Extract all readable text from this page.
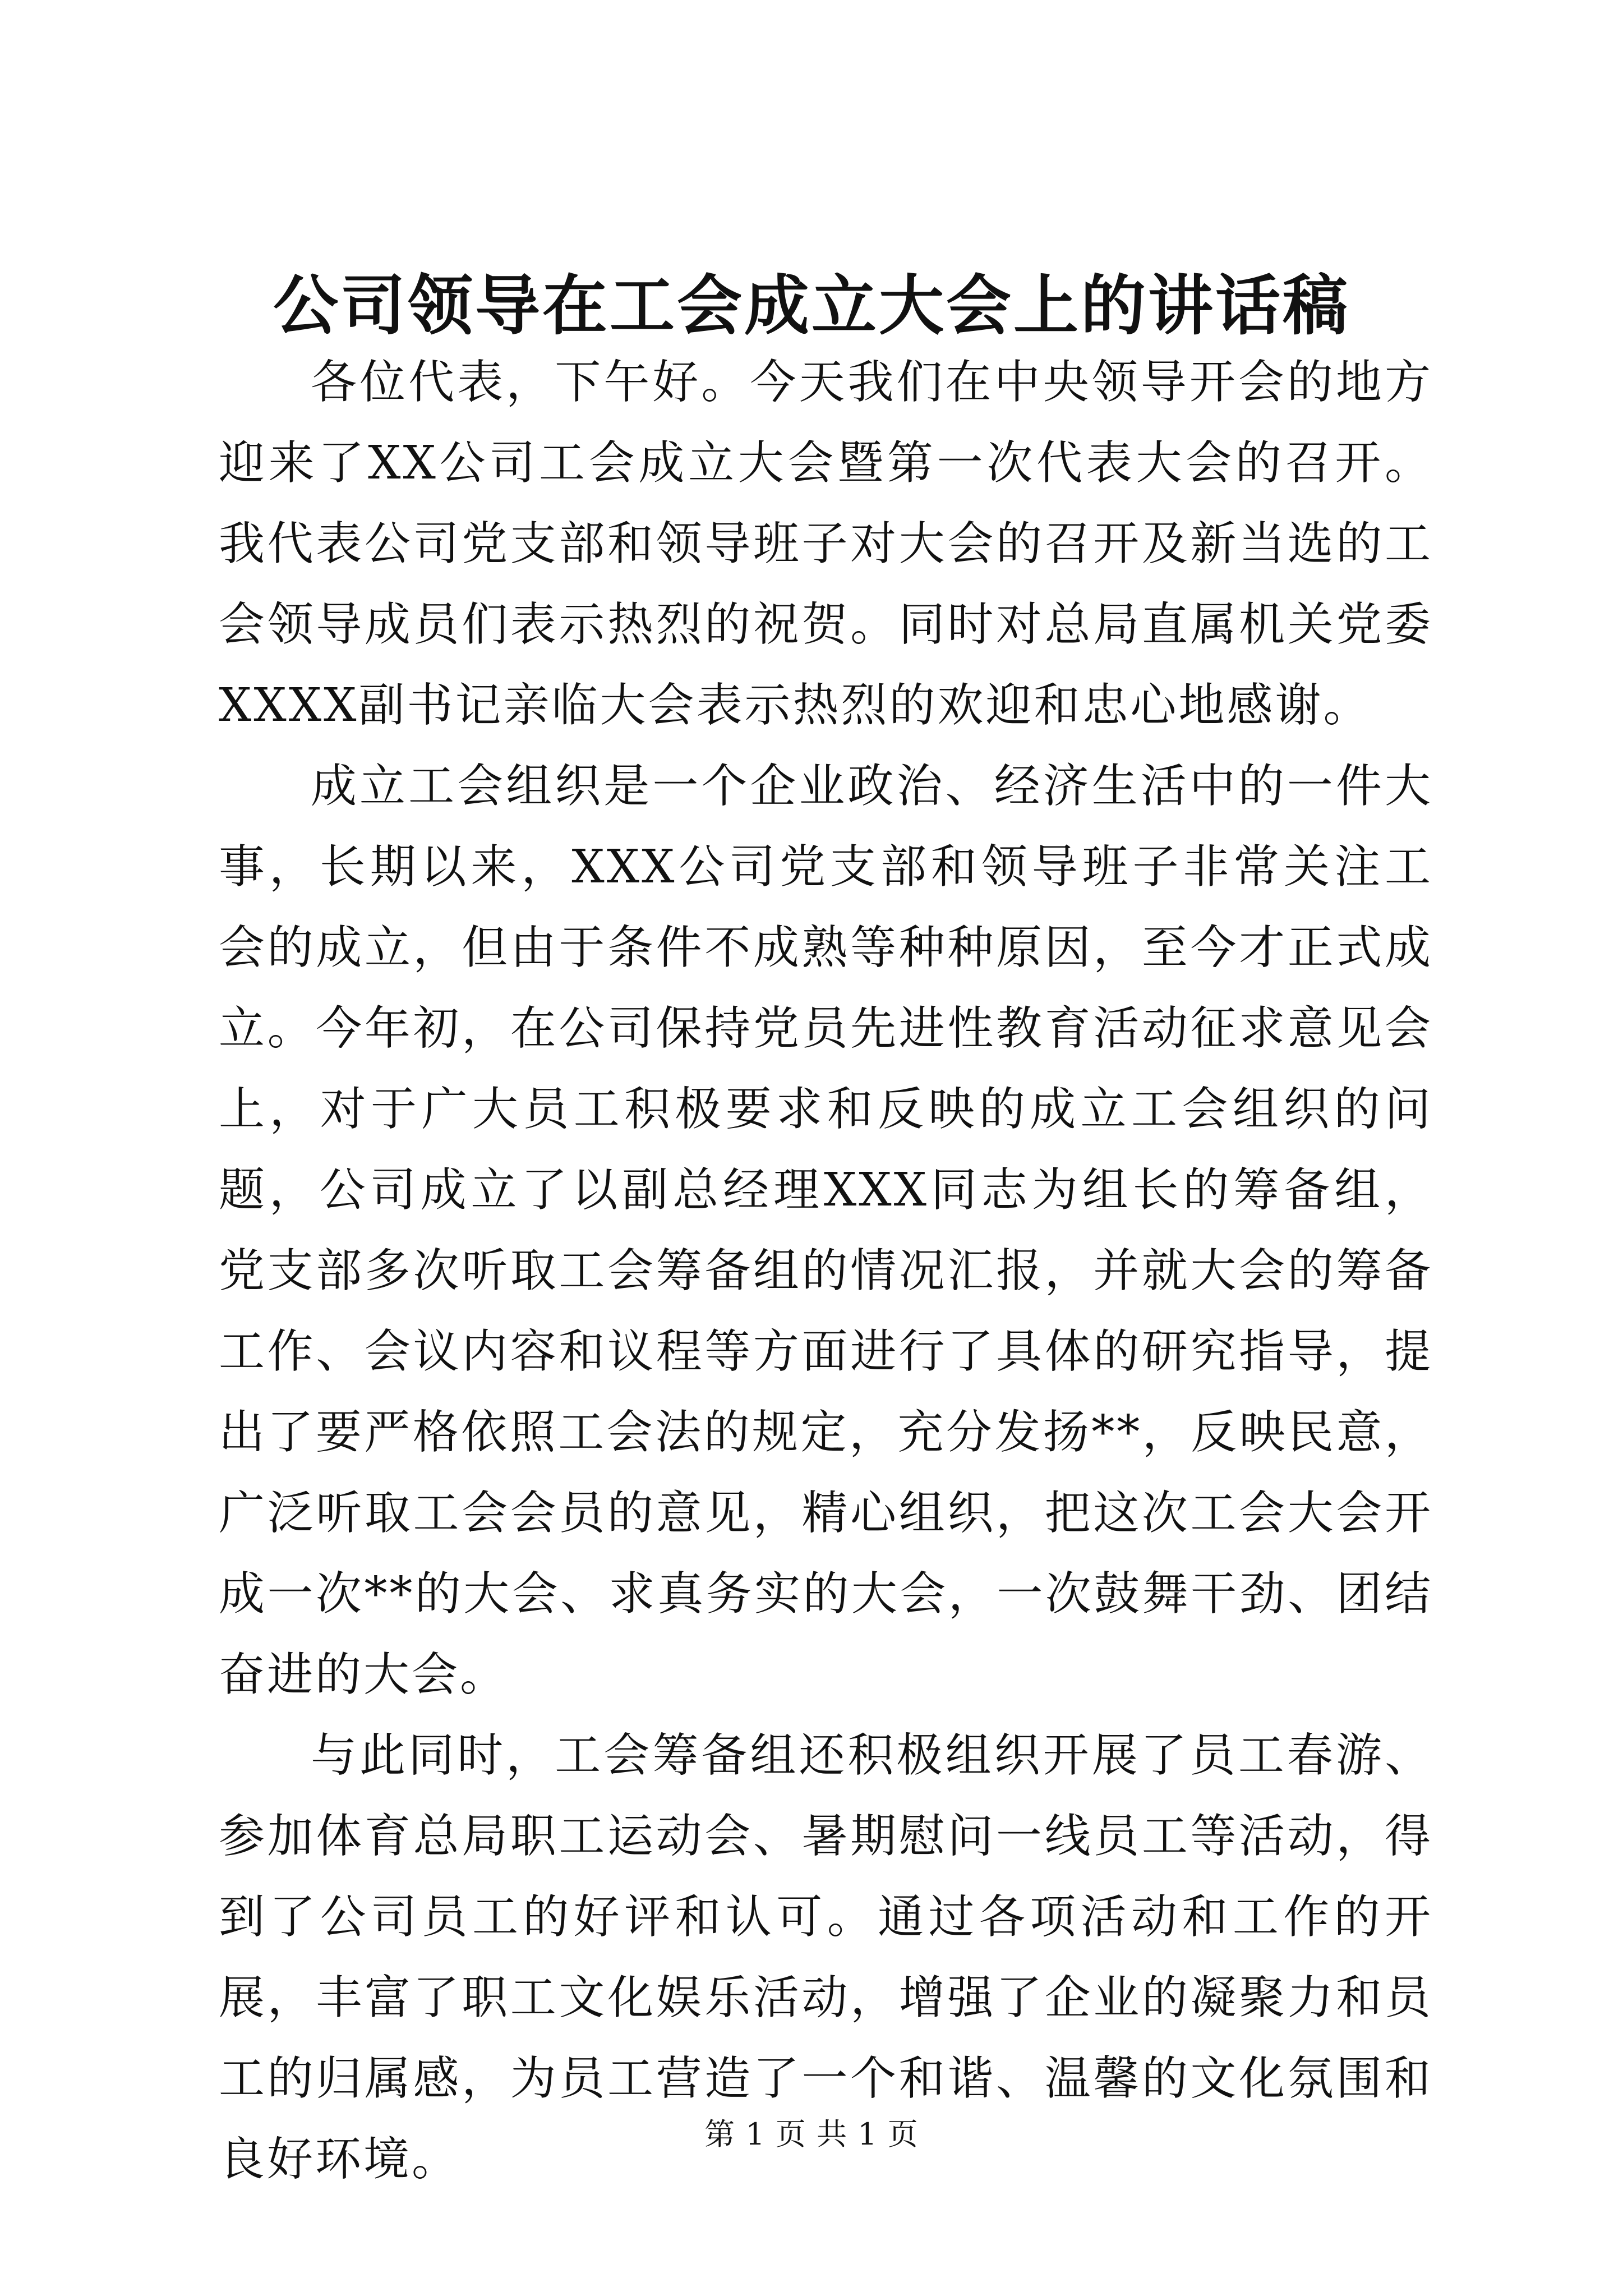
公司领导在工会成立大会上的讲话稿

各位代表，下午好。今天我们在中央领导开会的地方迎来了XX公司工会成立大会暨第一次代表大会的召开。我代表公司党支部和领导班子对大会的召开及新当选的工会领导成员们表示热烈的祝贺。同时对总局直属机关党委XXXX副书记亲临大会表示热烈的欢迎和忠心地感谢。

成立工会组织是一个企业政治、经济生活中的一件大事，长期以来，XXX公司党支部和领导班子非常关注工会的成立，但由于条件不成熟等种种原因，至今才正式成立。今年初，在公司保持党员先进性教育活动征求意见会上，对于广大员工积极要求和反映的成立工会组织的问题，公司成立了以副总经理XXX同志为组长的筹备组，党支部多次听取工会筹备组的情况汇报，并就大会的筹备工作、会议内容和议程等方面进行了具体的研究指导，提出了要严格依照工会法的规定，充分发扬**，反映民意，广泛听取工会会员的意见，精心组织，把这次工会大会开成一次**的大会、求真务实的大会，一次鼓舞干劲、团结奋进的大会。

与此同时，工会筹备组还积极组织开展了员工春游、参加体育总局职工运动会、暑期慰问一线员工等活动，得到了公司员工的好评和认可。通过各项活动和工作的开展，丰富了职工文化娱乐活动，增强了企业的凝聚力和员工的归属感，为员工营造了一个和谐、温馨的文化氛围和良好环境。	第 1 页 共 1 页
